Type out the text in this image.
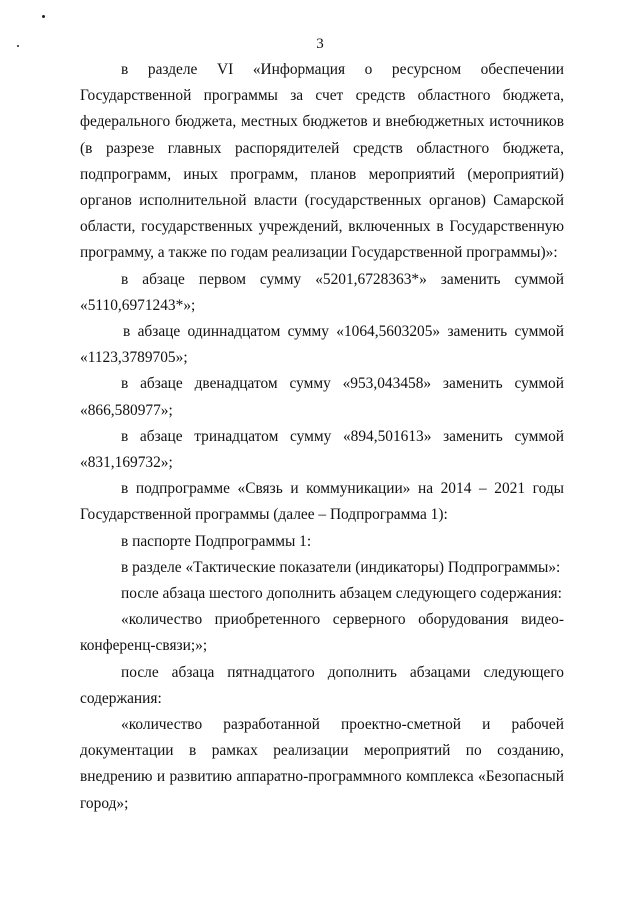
3

в разделе VI «Информация о ресурсном обеспечении Государственной программы за счет средств областного бюджета, федерального бюджета, местных бюджетов и внебюджетных источников (в разрезе главных распорядителей средств областного бюджета, подпрограмм, иных программ, планов мероприятий (мероприятий) органов исполнительной власти (государственных органов) Самарской области, государственных учреждений, включенных в Государственную программу, а также по годам реализации Государственной программы)»:

в абзаце первом сумму «5201,6728363*» заменить суммой «5110,6971243*»;

в абзаце одиннадцатом сумму «1064,5603205» заменить суммой «1123,3789705»;

в абзаце двенадцатом сумму «953,043458» заменить суммой «866,580977»;

в абзаце тринадцатом сумму «894,501613» заменить суммой «831,169732»;

в подпрограмме «Связь и коммуникации» на 2014 – 2021 годы Государственной программы (далее – Подпрограмма 1):

в паспорте Подпрограммы 1:

в разделе «Тактические показатели (индикаторы) Подпрограммы»:

после абзаца шестого дополнить абзацем следующего содержания:

«количество приобретенного серверного оборудования видео-конференц-связи;»;

после абзаца пятнадцатого дополнить абзацами следующего содержания:

«количество разработанной проектно-сметной и рабочей документации в рамках реализации мероприятий по созданию, внедрению и развитию аппаратно-программного комплекса «Безопасный город»;
